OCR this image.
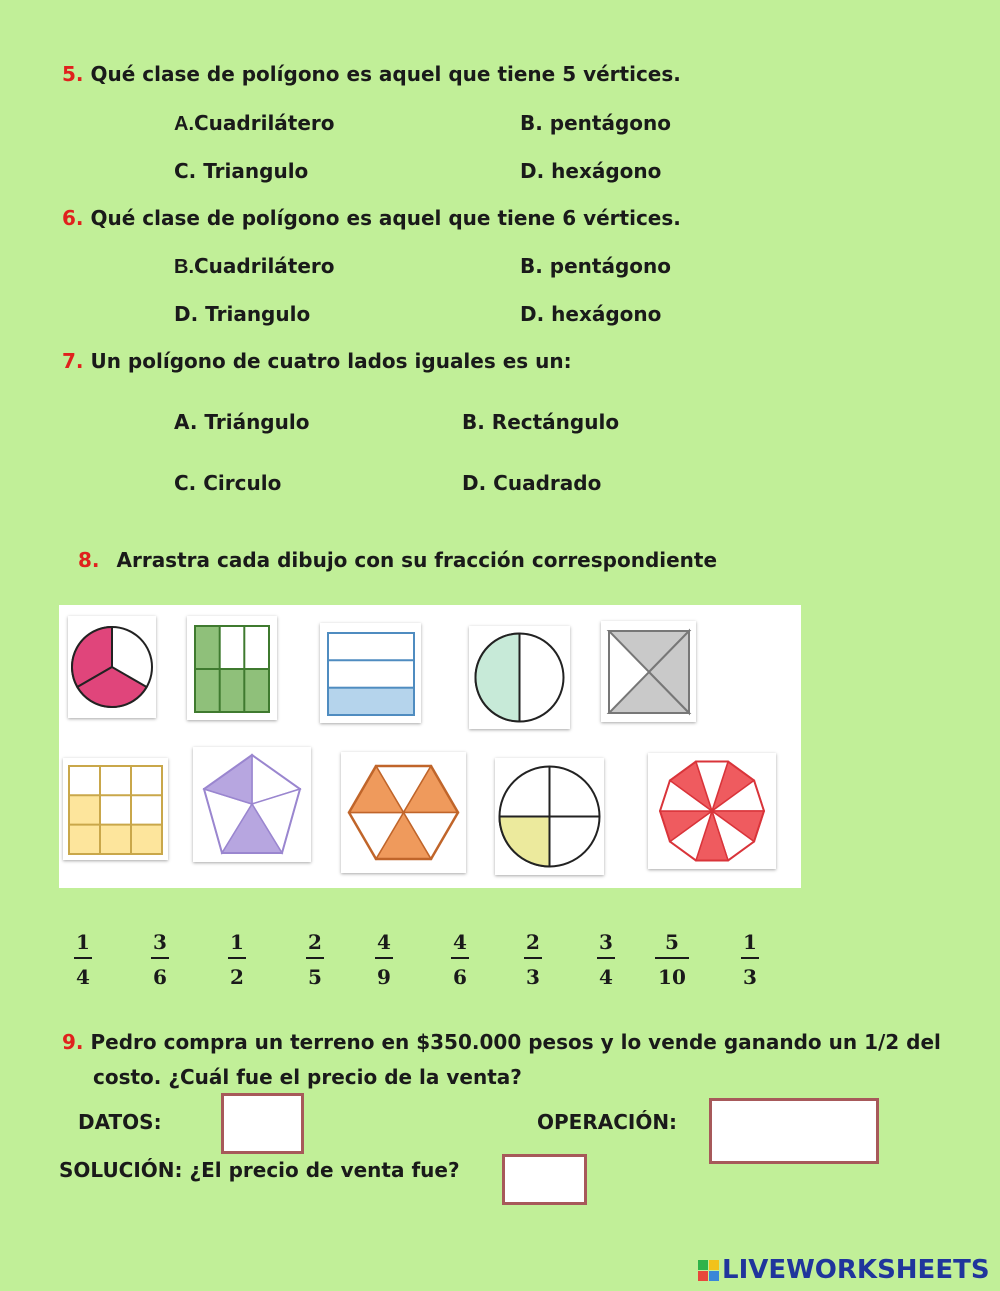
5. Qué clase de polígono es aquel que tiene 5 vértices.
A.Cuadrilátero	B. pentágono
C. Triangulo	D. hexágono
6. Qué clase de polígono es aquel que tiene 6 vértices.
B.Cuadrilátero	B. pentágono
D. Triangulo	D. hexágono
7. Un polígono de cuatro lados iguales es un:
A. Triángulo	B. Rectángulo
C. Circulo	D. Cuadrado
8. Arrastra cada dibujo con su fracción correspondiente
$\frac{1}{4}$	$\frac{3}{6}$	$\frac{1}{2}$	$\frac{2}{5}$	$\frac{4}{9}$	$\frac{4}{6}$	$\frac{2}{3}$	$\frac{3}{4} \frac{5}{10}$	$\frac{1}{3}$
9. Pedro compra un terreno en $350.000 pesos y lo vende ganando un 1/2 del
costo. ¿Cuál fue el precio de la venta?
DATOS:	OPERACIÓN:
SOLUCIÓN: ¿El precio de venta fue?
LIVEWORKSHEETS
